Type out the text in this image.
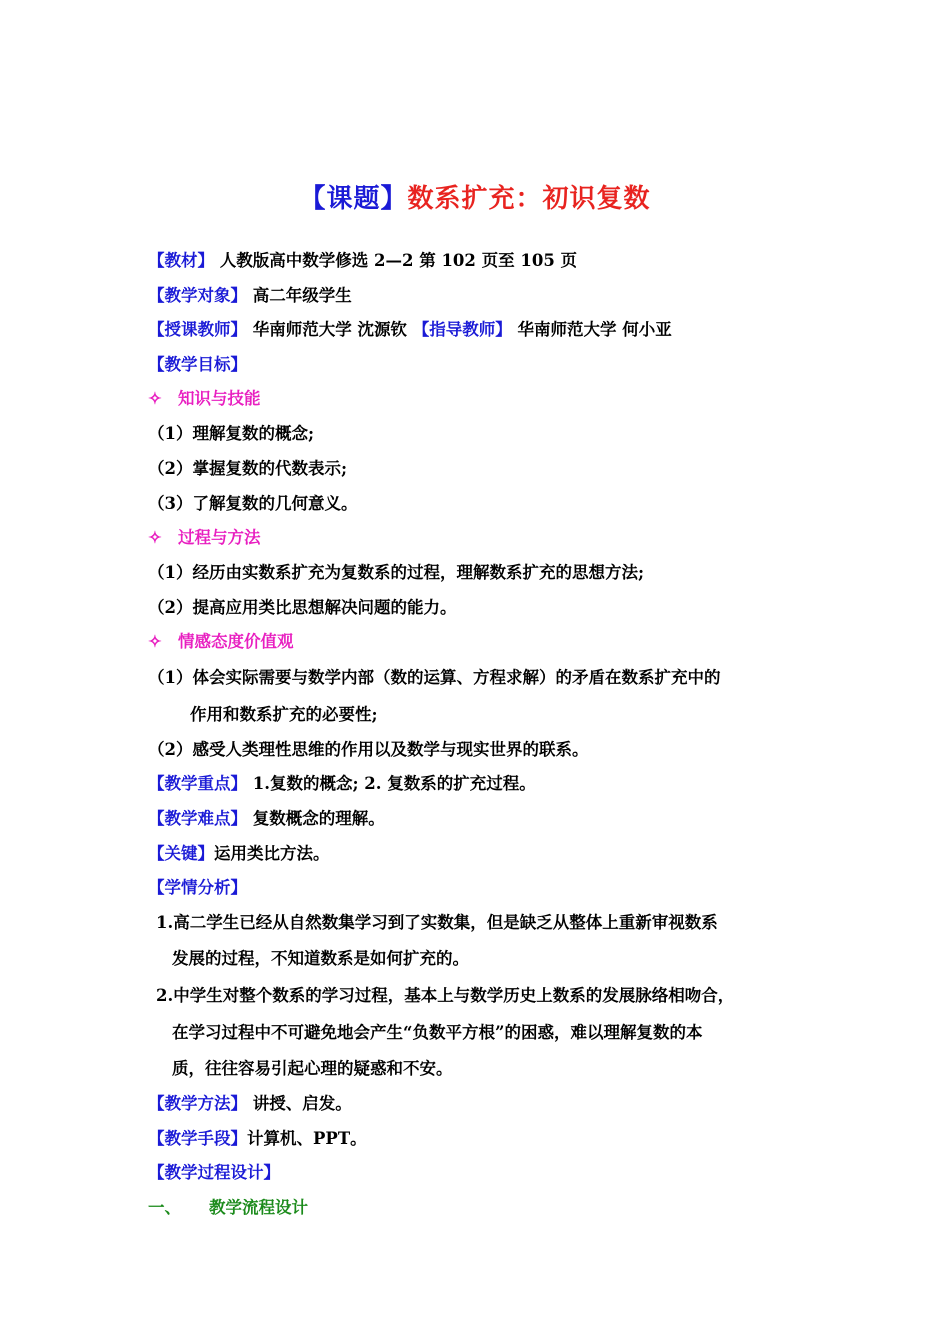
【课题】数系扩充：初识复数
【教材】 人教版高中数学修选 2—2 第 102 页至 105 页
【教学对象】 高二年级学生
【授课教师】 华南师范大学 沈源钦 【指导教师】 华南师范大学 何小亚
【教学目标】
✧ 知识与技能
（1）理解复数的概念;
（2）掌握复数的代数表示;
（3）了解复数的几何意义。
✧ 过程与方法
（1）经历由实数系扩充为复数系的过程，理解数系扩充的思想方法;
（2）提高应用类比思想解决问题的能力。
✧ 情感态度价值观
（1）体会实际需要与数学内部（数的运算、方程求解）的矛盾在数系扩充中的
作用和数系扩充的必要性;
（2）感受人类理性思维的作用以及数学与现实世界的联系。
【教学重点】 1.复数的概念; 2. 复数系的扩充过程。
【教学难点】 复数概念的理解。
【关键】运用类比方法。
【学情分析】
1.高二学生已经从自然数集学习到了实数集，但是缺乏从整体上重新审视数系
发展的过程，不知道数系是如何扩充的。
2.中学生对整个数系的学习过程，基本上与数学历史上数系的发展脉络相吻合，
在学习过程中不可避免地会产生“负数平方根”的困惑，难以理解复数的本
质，往往容易引起心理的疑惑和不安。
【教学方法】 讲授、启发。
【教学手段】计算机、PPT。
【教学过程设计】
一、 教学流程设计
